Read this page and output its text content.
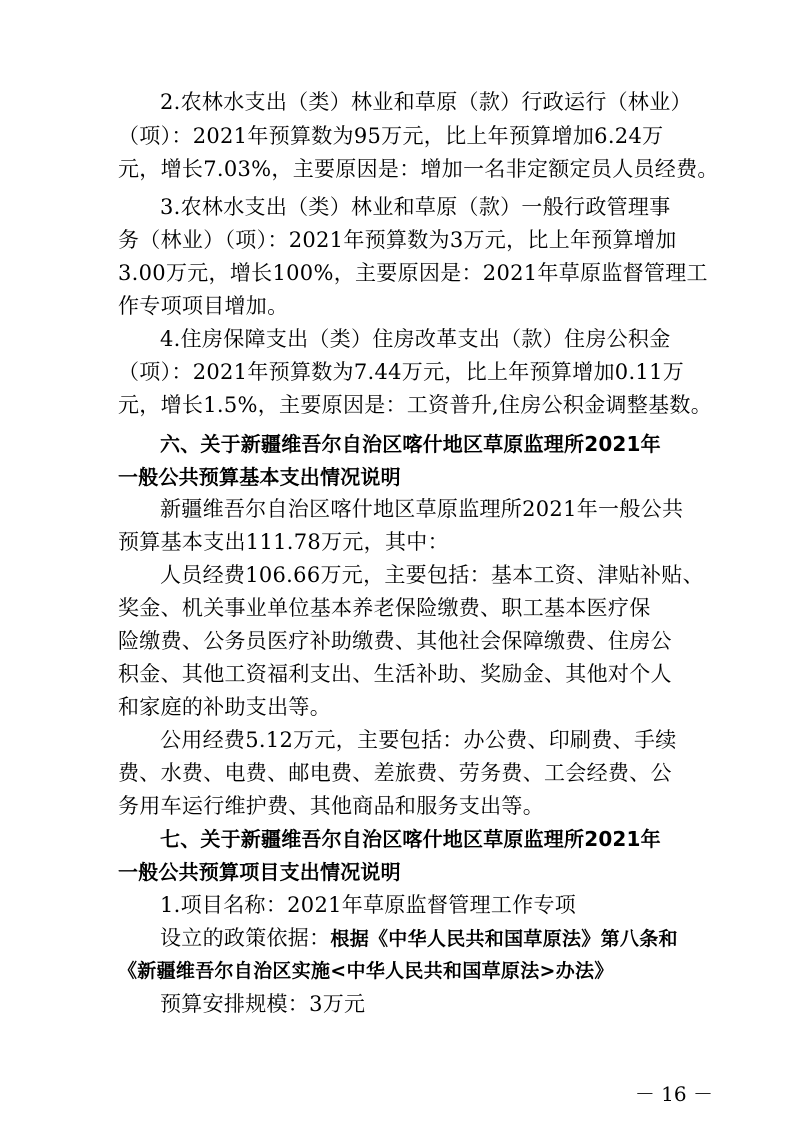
2.农林水支出（类）林业和草原（款）行政运行（林业）
（项）：2021年预算数为95万元，比上年预算增加6.24万
元，增长7.03%，主要原因是：增加一名非定额定员人员经费。
3.农林水支出（类）林业和草原（款）一般行政管理事
务（林业）（项）：2021年预算数为3万元，比上年预算增加
3.00万元，增长100%，主要原因是：2021年草原监督管理工
作专项项目增加。
4.住房保障支出（类）住房改革支出（款）住房公积金
（项）：2021年预算数为7.44万元，比上年预算增加0.11万
元，增长1.5%，主要原因是：工资普升,住房公积金调整基数。
六、关于新疆维吾尔自治区喀什地区草原监理所2021年
一般公共预算基本支出情况说明
新疆维吾尔自治区喀什地区草原监理所2021年一般公共
预算基本支出111.78万元，其中：
人员经费106.66万元，主要包括：基本工资、津贴补贴、
奖金、机关事业单位基本养老保险缴费、职工基本医疗保
险缴费、公务员医疗补助缴费、其他社会保障缴费、住房公
积金、其他工资福利支出、生活补助、奖励金、其他对个人
和家庭的补助支出等。
公用经费5.12万元，主要包括：办公费、印刷费、手续
费、水费、电费、邮电费、差旅费、劳务费、工会经费、公
务用车运行维护费、其他商品和服务支出等。
七、关于新疆维吾尔自治区喀什地区草原监理所2021年
一般公共预算项目支出情况说明
1.项目名称：2021年草原监督管理工作专项
设立的政策依据：根据《中华人民共和国草原法》第八条和
《新疆维吾尔自治区实施<中华人民共和国草原法>办法》
预算安排规模：3万元
－ 16 －
